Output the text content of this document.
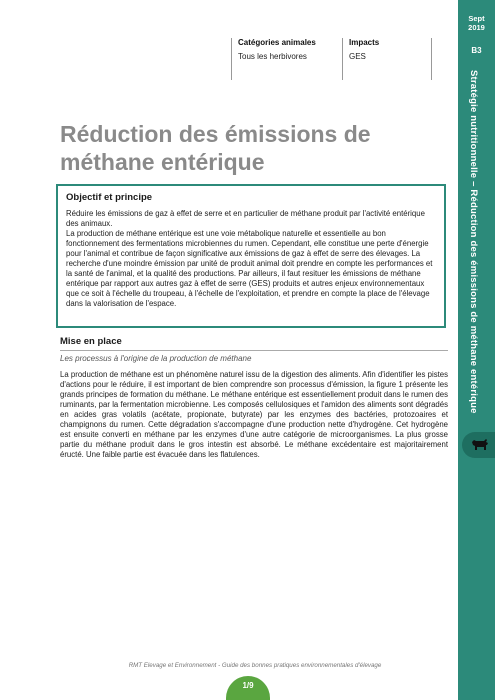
Sept
2019
B3
Stratégie nutritionnelle – Réduction des émissions de méthane entérique
Catégories animales
Tous les herbivores
Impacts
GES
Réduction des émissions de méthane entérique
Objectif et principe

Réduire les émissions de gaz à effet de serre et en particulier de méthane produit par l'activité entérique des animaux.

La production de méthane entérique est une voie métabolique naturelle et essentielle au bon fonctionnement des fermentations microbiennes du rumen. Cependant, elle constitue une perte d'énergie pour l'animal et contribue de façon significative aux émissions de gaz à effet de serre des élevages. La recherche d'une moindre émission par unité de produit animal doit prendre en compte les performances et la santé de l'animal, et la qualité des productions. Par ailleurs, il faut resituer les émissions de méthane entérique par rapport aux autres gaz à effet de serre (GES) produits et autres enjeux environnementaux que ce soit à l'échelle du troupeau, à l'échelle de l'exploitation, et prendre en compte la place de l'élevage dans la valorisation de l'espace.

Mise en place
Les processus à l'origine de la production de méthane
La production de méthane est un phénomène naturel issu de la digestion des aliments. Afin d'identifier les pistes d'actions pour le réduire, il est important de bien comprendre son processus d'émission, la figure 1 présente les grands principes de formation du méthane. Le méthane entérique est essentiellement produit dans le rumen des ruminants, par la fermentation microbienne. Les composés cellulosiques et l'amidon des aliments sont dégradés en acides gras volatils (acétate, propionate, butyrate) par les enzymes des bactéries, protozoaires et champignons du rumen. Cette dégradation s'accompagne d'une production nette d'hydrogène. Cet hydrogène est ensuite converti en méthane par les enzymes d'une autre catégorie de microorganismes. La plus grosse partie du méthane produit dans le gros intestin est absorbé. Le méthane excédentaire est majoritairement éructé. Une faible partie est évacuée dans les flatulences.
RMT Elevage et Environnement - Guide des bonnes pratiques environnementales d'élevage
1/9
